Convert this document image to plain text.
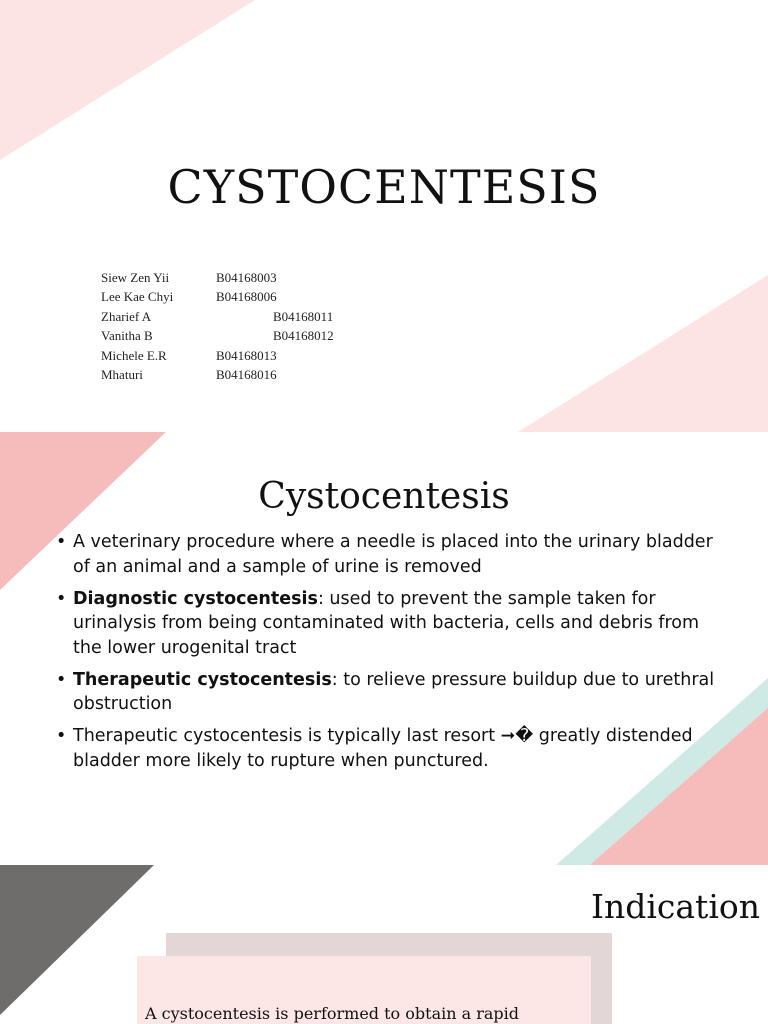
CYSTOCENTESIS
Siew Zen Yii	B04168003
Lee Kae Chyi	B04168006
Zharief A	B04168011
Vanitha B	B04168012
Michele E.R	B04168013
Mhaturi	B04168016
Cystocentesis
• A veterinary procedure where a needle is placed into the urinary bladder of an animal and a sample of urine is removed
• Diagnostic cystocentesis: used to prevent the sample taken for urinalysis from being contaminated with bacteria, cells and debris from the lower urogenital tract
• Therapeutic cystocentesis: to relieve pressure buildup due to urethral obstruction
• Therapeutic cystocentesis is typically last resort ➞� greatly distended bladder more likely to rupture when punctured.
Indication
A cystocentesis is performed to obtain a rapid
